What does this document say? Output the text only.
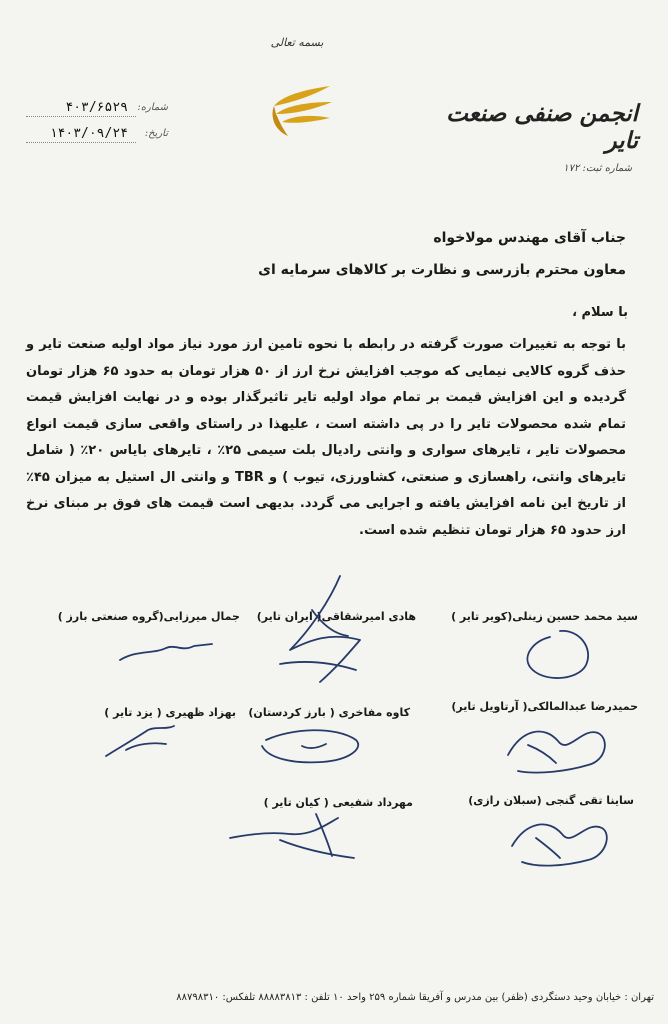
بسمه تعالی
انجمن صنفی صنعت تایر
شماره ثبت: ۱۷۲
شماره:
۴۰۳/۶۵۲۹
تاریخ:
۱۴۰۳/۰۹/۲۴
جناب آقای مهندس مولاخواه
معاون محترم بازرسی و نظارت بر کالاهای سرمایه ای
با سلام ،
با توجه به تغییرات صورت گرفته در رابطه با نحوه تامین ارز مورد نیاز مواد اولیه صنعت تایر و حذف گروه کالایی نیمایی که موجب افزایش نرخ ارز از ۵۰ هزار تومان به حدود ۶۵ هزار تومان گردیده و این افزایش قیمت بر تمام مواد اولیه تایر تاثیرگذار بوده و در نهایت افزایش قیمت تمام شده محصولات تایر را در پی داشته است ، علیهذا در راستای واقعی سازی قیمت انواع محصولات تایر ، تایرهای سواری و وانتی رادیال بلت سیمی ۲۵٪ ، تایرهای بایاس ۲۰٪ ( شامل تایرهای وانتی، راهسازی و صنعتی، کشاورزی، تیوب ) و TBR و وانتی ال استیل به میزان ۴۵٪ از تاریخ این نامه افزایش یافته و اجرایی می گردد. بدیهی است قیمت های فوق بر مبنای نرخ ارز حدود ۶۵ هزار تومان تنظیم شده است.
سید محمد حسین زینلی(کویر تایر )
هادی امیرشقاقی( ایران تایر)
جمال میرزایی(گروه صنعتی بارز )
حمیدرضا عبدالمالکی( آرتاویل تایر)
کاوه مفاخری ( بارز کردستان)
بهزاد ظهیری ( یزد تایر )
ساینا تقی گنجی (سبلان رازی)
مهرداد شفیعی ( کیان تایر )
تهران : خیابان وحید دستگردی (ظفر) بین مدرس و آفریقا شماره ۲۵۹ واحد ۱۰ تلفن : ۸۸۸۸۳۸۱۳ تلفکس: ۸۸۷۹۸۳۱۰
